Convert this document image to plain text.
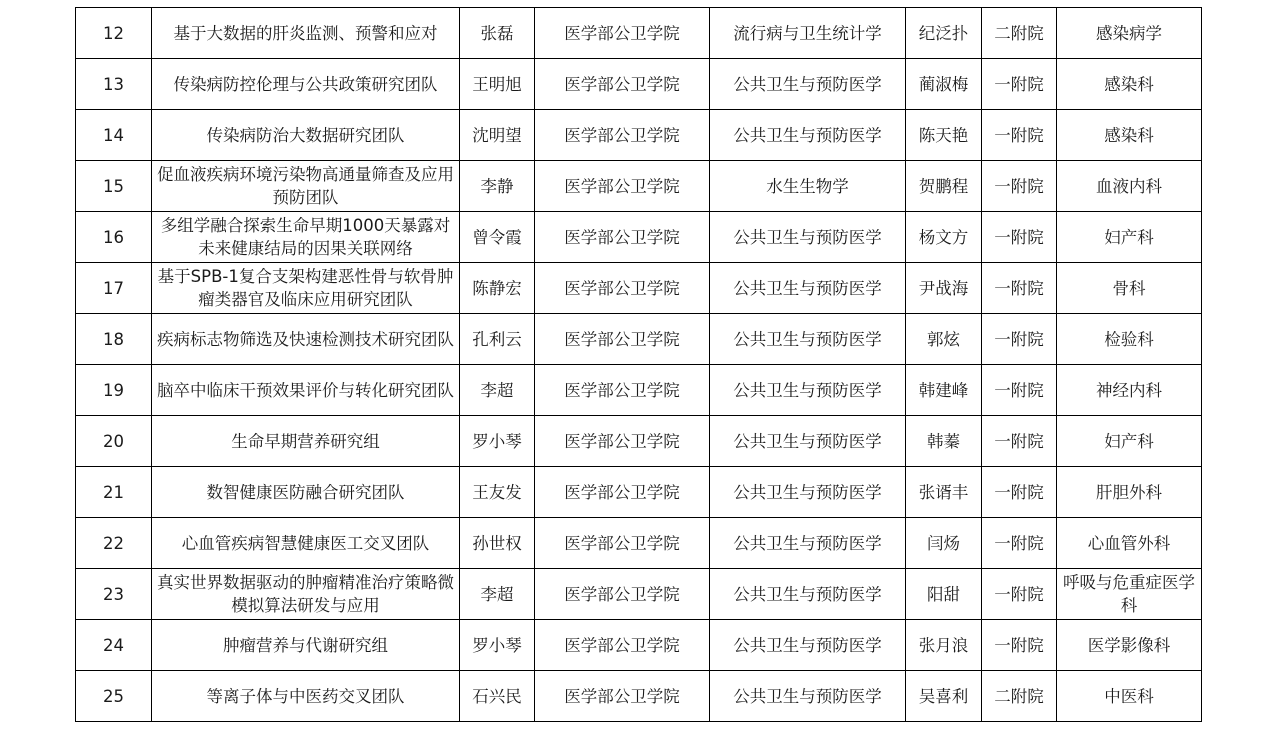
12	基于大数据的肝炎监测、预警和应对	张磊	医学部公卫学院	流行病与卫生统计学	纪泛扑	二附院	感染病学
13	传染病防控伦理与公共政策研究团队	王明旭	医学部公卫学院	公共卫生与预防医学	蔺淑梅	一附院	感染科
14	传染病防治大数据研究团队	沈明望	医学部公卫学院	公共卫生与预防医学	陈天艳	一附院	感染科
15	促血液疾病环境污染物高通量筛查及应用预防团队	李静	医学部公卫学院	水生生物学	贺鹏程	一附院	血液内科
16	多组学融合探索生命早期1000天暴露对未来健康结局的因果关联网络	曾令霞	医学部公卫学院	公共卫生与预防医学	杨文方	一附院	妇产科
17	基于SPB-1复合支架构建恶性骨与软骨肿瘤类器官及临床应用研究团队	陈静宏	医学部公卫学院	公共卫生与预防医学	尹战海	一附院	骨科
18	疾病标志物筛选及快速检测技术研究团队	孔利云	医学部公卫学院	公共卫生与预防医学	郭炫	一附院	检验科
19	脑卒中临床干预效果评价与转化研究团队	李超	医学部公卫学院	公共卫生与预防医学	韩建峰	一附院	神经内科
20	生命早期营养研究组	罗小琴	医学部公卫学院	公共卫生与预防医学	韩蓁	一附院	妇产科
21	数智健康医防融合研究团队	王友发	医学部公卫学院	公共卫生与预防医学	张谞丰	一附院	肝胆外科
22	心血管疾病智慧健康医工交叉团队	孙世权	医学部公卫学院	公共卫生与预防医学	闫炀	一附院	心血管外科
23	真实世界数据驱动的肿瘤精准治疗策略微模拟算法研发与应用	李超	医学部公卫学院	公共卫生与预防医学	阳甜	一附院	呼吸与危重症医学科
24	肿瘤营养与代谢研究组	罗小琴	医学部公卫学院	公共卫生与预防医学	张月浪	一附院	医学影像科
25	等离子体与中医药交叉团队	石兴民	医学部公卫学院	公共卫生与预防医学	吴喜利	二附院	中医科
